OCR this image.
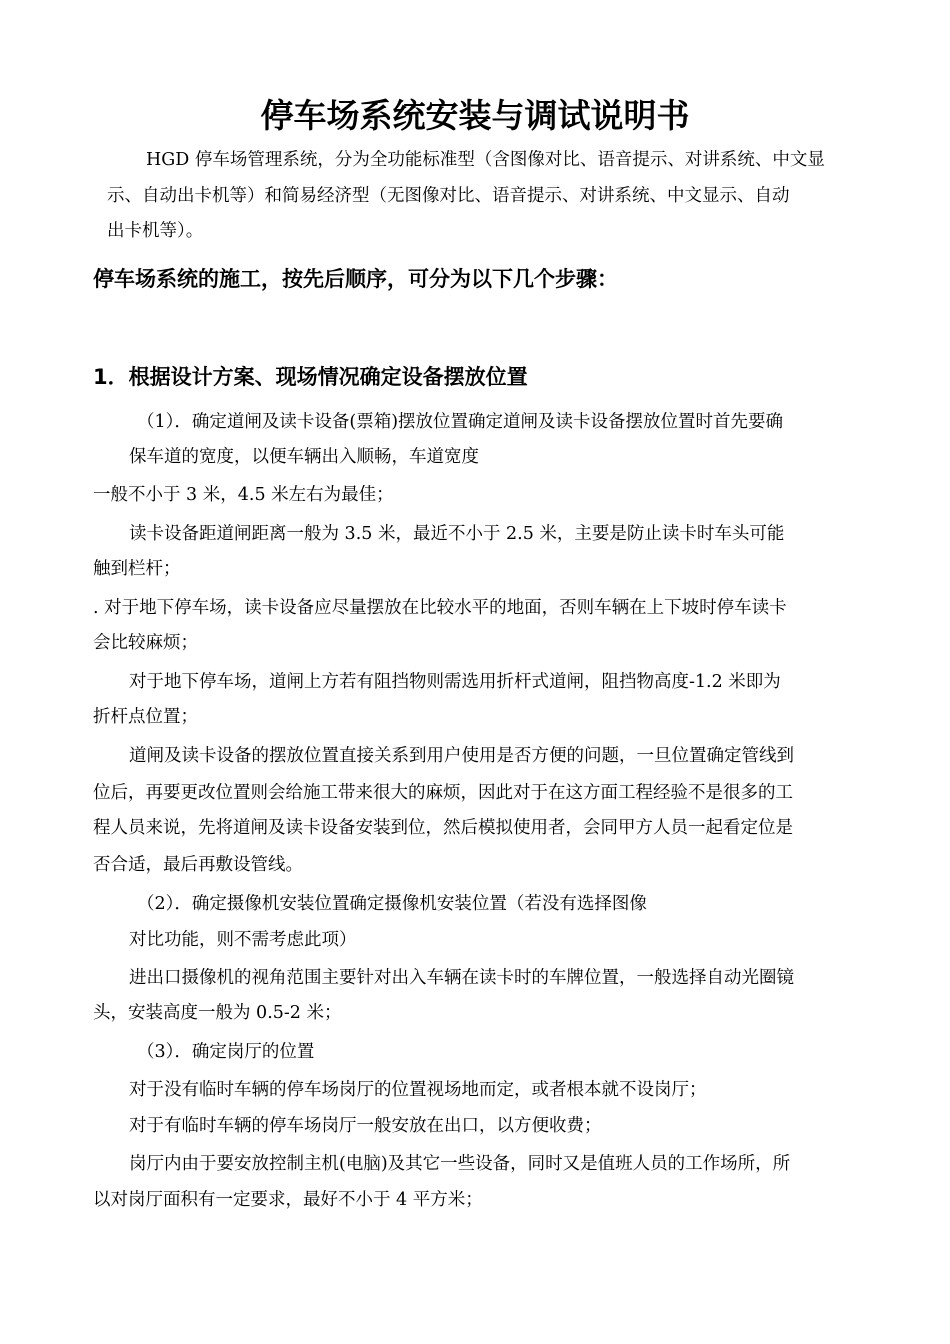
停车场系统安装与调试说明书
HGD 停车场管理系统，分为全功能标准型（含图像对比、语音提示、对讲系统、中文显
示、自动出卡机等）和简易经济型（无图像对比、语音提示、对讲系统、中文显示、自动
出卡机等）。
停车场系统的施工，按先后顺序，可分为以下几个步骤：
1．根据设计方案、现场情况确定设备摆放位置
（1）．确定道闸及读卡设备(票箱)摆放位置确定道闸及读卡设备摆放位置时首先要确
保车道的宽度，以便车辆出入顺畅，车道宽度
一般不小于 3 米，4.5 米左右为最佳；
读卡设备距道闸距离一般为 3.5 米，最近不小于 2.5 米，主要是防止读卡时车头可能
触到栏杆；
. 对于地下停车场，读卡设备应尽量摆放在比较水平的地面，否则车辆在上下坡时停车读卡
会比较麻烦；
对于地下停车场，道闸上方若有阻挡物则需选用折杆式道闸，阻挡物高度-1.2 米即为
折杆点位置；
道闸及读卡设备的摆放位置直接关系到用户使用是否方便的问题，一旦位置确定管线到
位后，再要更改位置则会给施工带来很大的麻烦，因此对于在这方面工程经验不是很多的工
程人员来说，先将道闸及读卡设备安装到位，然后模拟使用者，会同甲方人员一起看定位是
否合适，最后再敷设管线。
（2）．确定摄像机安装位置确定摄像机安装位置（若没有选择图像
对比功能，则不需考虑此项）
进出口摄像机的视角范围主要针对出入车辆在读卡时的车牌位置，一般选择自动光圈镜
头，安装高度一般为 0.5-2 米；
（3）．确定岗厅的位置
对于没有临时车辆的停车场岗厅的位置视场地而定，或者根本就不设岗厅；
对于有临时车辆的停车场岗厅一般安放在出口，以方便收费；
岗厅内由于要安放控制主机(电脑)及其它一些设备，同时又是值班人员的工作场所，所
以对岗厅面积有一定要求，最好不小于 4 平方米；
